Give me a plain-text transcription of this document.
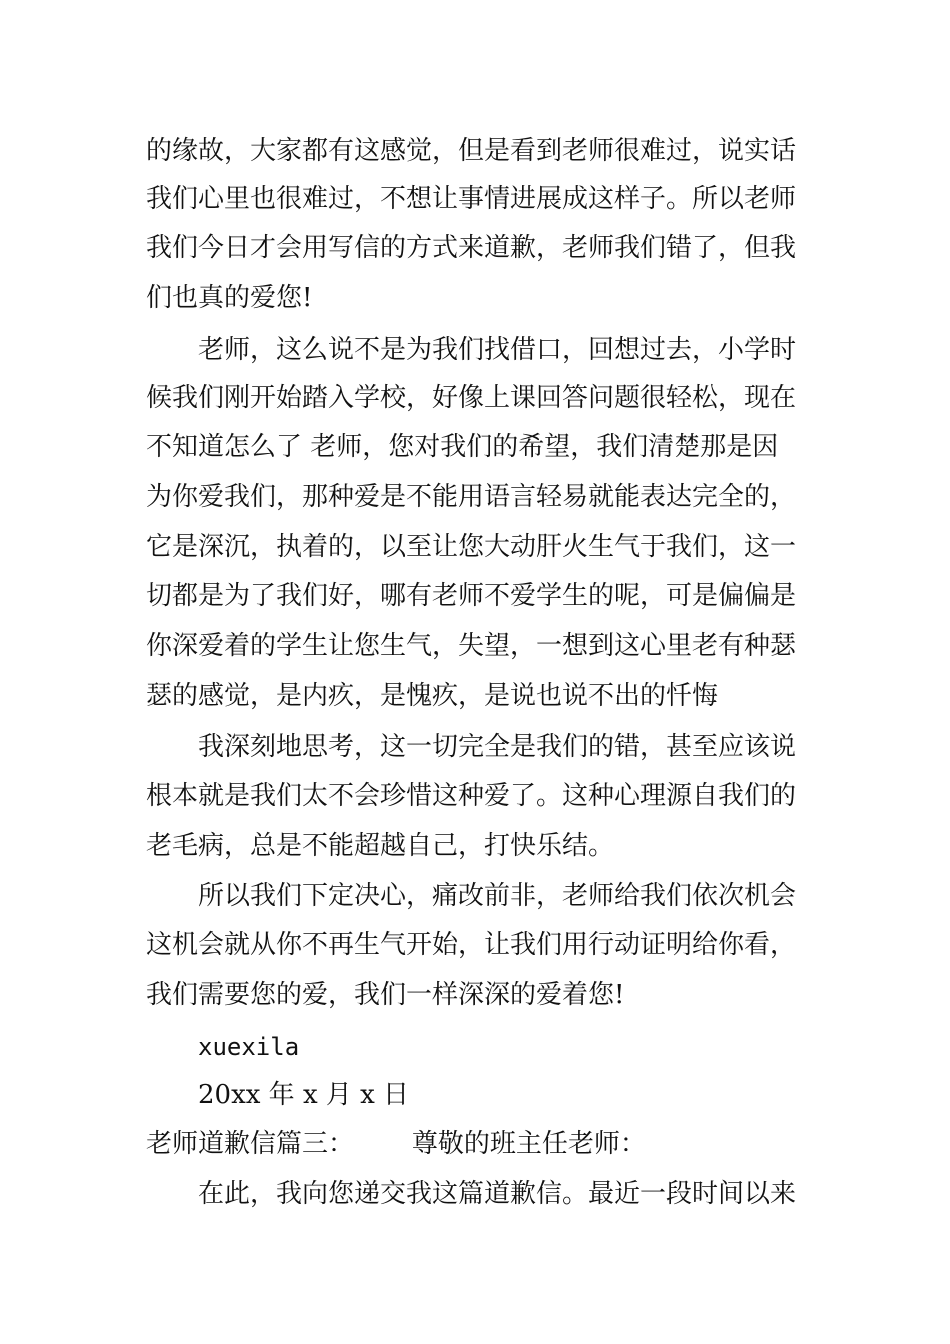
的缘故，大家都有这感觉，但是看到老师很难过，说实话
我们心里也很难过，不想让事情进展成这样子。所以老师
我们今日才会用写信的方式来道歉，老师我们错了，但我
们也真的爱您!
老师，这么说不是为我们找借口，回想过去，小学时
候我们刚开始踏入学校，好像上课回答问题很轻松，现在
不知道怎么了 老师，您对我们的希望，我们清楚那是因
为你爱我们，那种爱是不能用语言轻易就能表达完全的，
它是深沉，执着的，以至让您大动肝火生气于我们，这一
切都是为了我们好，哪有老师不爱学生的呢，可是偏偏是
你深爱着的学生让您生气，失望，一想到这心里老有种瑟
瑟的感觉，是内疚，是愧疚，是说也说不出的忏悔
我深刻地思考，这一切完全是我们的错，甚至应该说
根本就是我们太不会珍惜这种爱了。这种心理源自我们的
老毛病，总是不能超越自己，打快乐结。
所以我们下定决心，痛改前非，老师给我们依次机会
这机会就从你不再生气开始，让我们用行动证明给你看，
我们需要您的爱，我们一样深深的爱着您!
xuexila
20xx 年 x 月 x 日
老师道歉信篇三：       尊敬的班主任老师：
在此，我向您递交我这篇道歉信。最近一段时间以来
